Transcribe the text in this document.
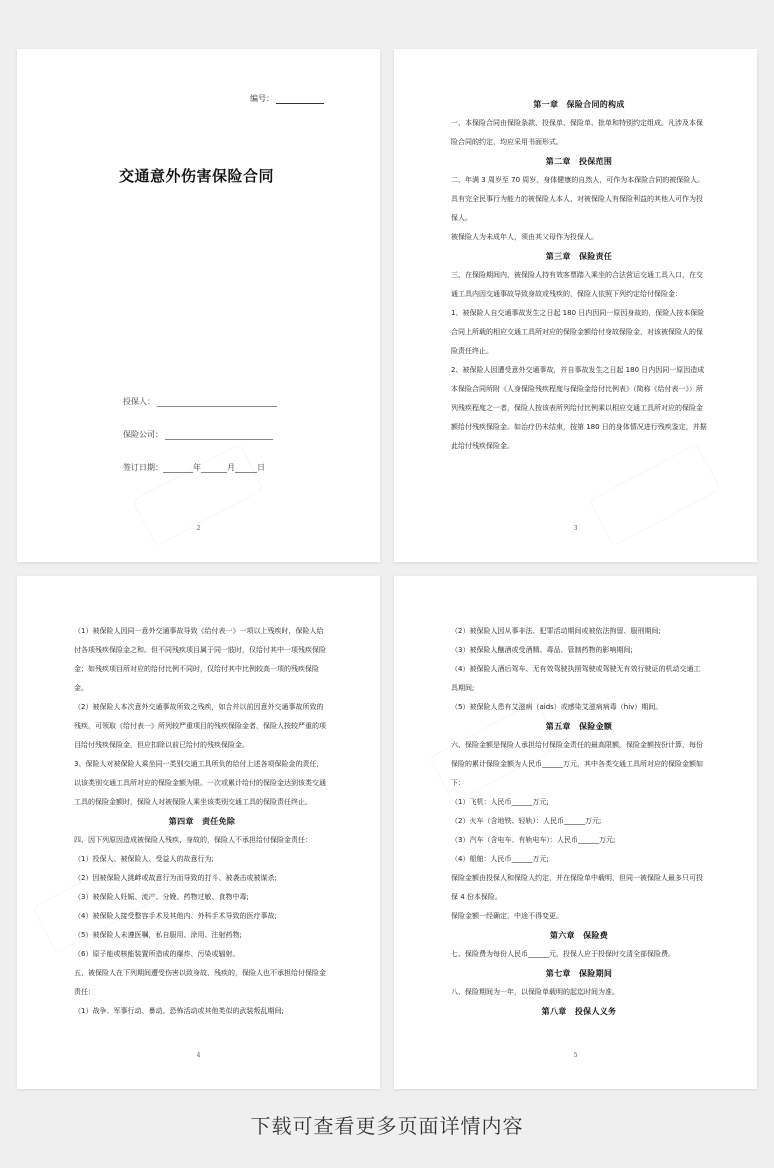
编号：
交通意外伤害保险合同
投保人：
保险公司：
签订日期：	年	月	日
2
第一章　保险合同的构成
一、本保险合同由保险条款、投保单、保险单、批单和特别约定组成。凡涉及本保险合同的约定，均应采用书面形式。
第二章　投保范围
二、年满 3 周岁至 70 周岁、身体健康的自然人，可作为本保险合同的被保险人。
具有完全民事行为能力的被保险人本人、对被保险人有保险利益的其他人可作为投保人。
被保险人为未成年人，须由其父母作为投保人。
第三章　保险责任
三、在保险期间内，被保险人持有效客票踏入乘坐的合法营运交通工具入口，在交通工具内因交通事故导致身故或残疾的，保险人依照下列约定给付保险金：
1、被保险人自交通事故发生之日起 180 日内因同一原因身故的，保险人按本保险合同上所载的相应交通工具所对应的保险金额给付身故保险金，对该被保险人的保险责任终止。
2、被保险人因遭受意外交通事故，并自事故发生之日起 180 日内因同一原因造成本保险合同所附《人身保险残疾程度与保险金给付比例表》（简称《给付表一》）所列残疾程度之一者，保险人按该表所列给付比例乘以相应交通工具所对应的保险金额给付残疾保险金。如治疗仍未结束，按第 180 日的身体情况进行残疾鉴定，并据此给付残疾保险金。
3
（1）被保险人因同一意外交通事故导致《给付表一》一项以上残疾时，保险人给付各项残疾保险金之和。但不同残疾项目属于同一肢时，仅给付其中一项残疾保险金；如残疾项目所对应的给付比例不同时，仅给付其中比例较高一项的残疾保险金。
（2）被保险人本次意外交通事故所致之残疾，如合并以前因意外交通事故所致的残疾，可领取《给付表一》所列较严重项目的残疾保险金者，保险人按较严重的项目给付残疾保险金，但应扣除以前已给付的残疾保险金。
3、保险人对被保险人乘坐同一类别交通工具所负的给付上述各项保险金的责任，以该类别交通工具所对应的保险金额为限。一次或累计给付的保险金达到该类交通工具的保险金额时，保险人对被保险人乘坐该类别交通工具的保险责任终止。
第四章　责任免除
四、因下列原因造成被保险人残疾、身故的，保险人不承担给付保险金责任：
（1）投保人、被保险人、受益人的故意行为;
（2）因被保险人挑衅或故意行为而导致的打斗、被袭击或被谋杀;
（3）被保险人妊娠、流产、分娩、药物过敏、食物中毒;
（4）被保险人接受整容手术及其他内、外科手术导致的医疗事故;
（5）被保险人未遵医嘱，私自服用、涂用、注射药物;
（6）原子能或核能装置所造成的爆炸、污染或辐射。
五、被保险人在下列期间遭受伤害以致身故、残疾的，保险人也不承担给付保险金责任：
（1）战争、军事行动、暴动、恐怖活动或其他类似的武装叛乱期间;
4
（2）被保险人因从事非法、犯罪活动期间或被依法拘留、服刑期间;
（3）被保险人酗酒或受酒精、毒品、管制药物的影响期间;
（4）被保险人酒后驾车、无有效驾驶执照驾驶或驾驶无有效行驶证的机动交通工具期间;
（5）被保险人患有艾滋病（aids）或感染艾滋病病毒（hiv）期间。
第五章　保险金额
六、保险金额是保险人承担给付保险金责任的最高限额。保险金额按份计算，每份保险的累计保险金额为人民币______万元，其中各类交通工具所对应的保险金额如下：
（1）飞机：人民币______万元;
（2）火车（含地铁、轻轨）：人民币______万元;
（3）汽车（含电车、有轨电车）：人民币______万元;
（4）船舶：人民币______万元;
保险金额由投保人和保险人约定，并在保险单中载明，但同一被保险人最多只可投保 4 份本保险。
保险金额一经确定，中途不得变更。
第六章　保险费
七、保险费为每份人民币______元，投保人应于投保时交清全部保险费。
第七章　保险期间
八、保险期间为一年，以保险单载明的起迄时间为准。
第八章　投保人义务
5
下载可查看更多页面详情内容
